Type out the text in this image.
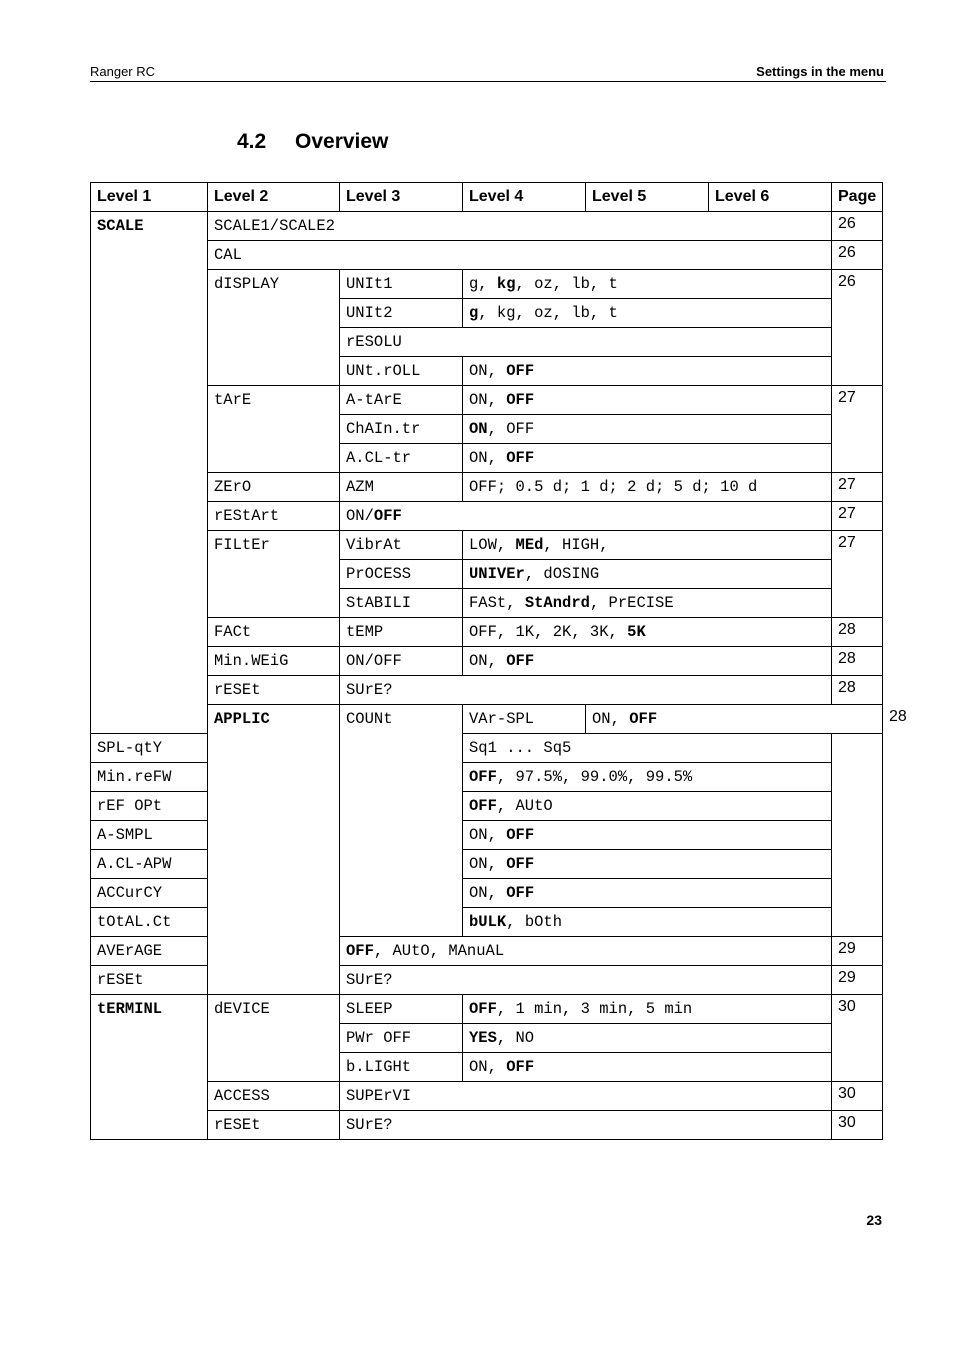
Ranger RC	Settings in the menu
4.2 Overview
Level 1	Level 2	Level 3	Level 4	Level 5	Level 6	Page	
SCALE	SCALE1/SCALE2					26	
	CAL					26	
	dISPLAY	UNIt1	g, kg, oz, lb, t			26	
		UNIt2	g, kg, oz, lb, t				
		rESOLU					
		UNt.rOLL	ON, OFF				
	tArE	A-tArE	ON, OFF			27	
		ChAIn.tr	ON, OFF				
		A.CL-tr	ON, OFF				
	ZErO	AZM	OFF; 0.5 d; 1 d; 2 d; 5 d; 10 d			27	
	rEStArt	ON/OFF				27	
	FILtEr	VibrAt	LOW, MEd, HIGH,			27	
		PrOCESS	UNIVEr, dOSING				
		StABILI	FASt, StAndrd, PrECISE				
	FACt	tEMP	OFF, 1K, 2K, 3K, 5K			28	
	Min.WEiG	ON/OFF	ON, OFF			28	
	rESEt	SUrE?				28	
	APPLIC	COUNt	VAr-SPL	ON, OFF			28
SPL-qtY			Sq1 ... Sq5				
Min.reFW			OFF, 97.5%, 99.0%, 99.5%				
rEF OPt			OFF, AUtO				
A-SMPL			ON, OFF				
A.CL-APW			ON, OFF				
ACCurCY			ON, OFF				
tOtAL.Ct			bULK, bOth				
AVErAGE		OFF, AUtO, MAnuAL				29	
rESEt		SUrE?				29	
tERMINL	dEVICE	SLEEP	OFF, 1 min, 3 min, 5 min			30	
		PWr OFF	YES, NO				
		b.LIGHt	ON, OFF				
	ACCESS	SUPErVI				30	
	rESEt	SUrE?				30	
23
